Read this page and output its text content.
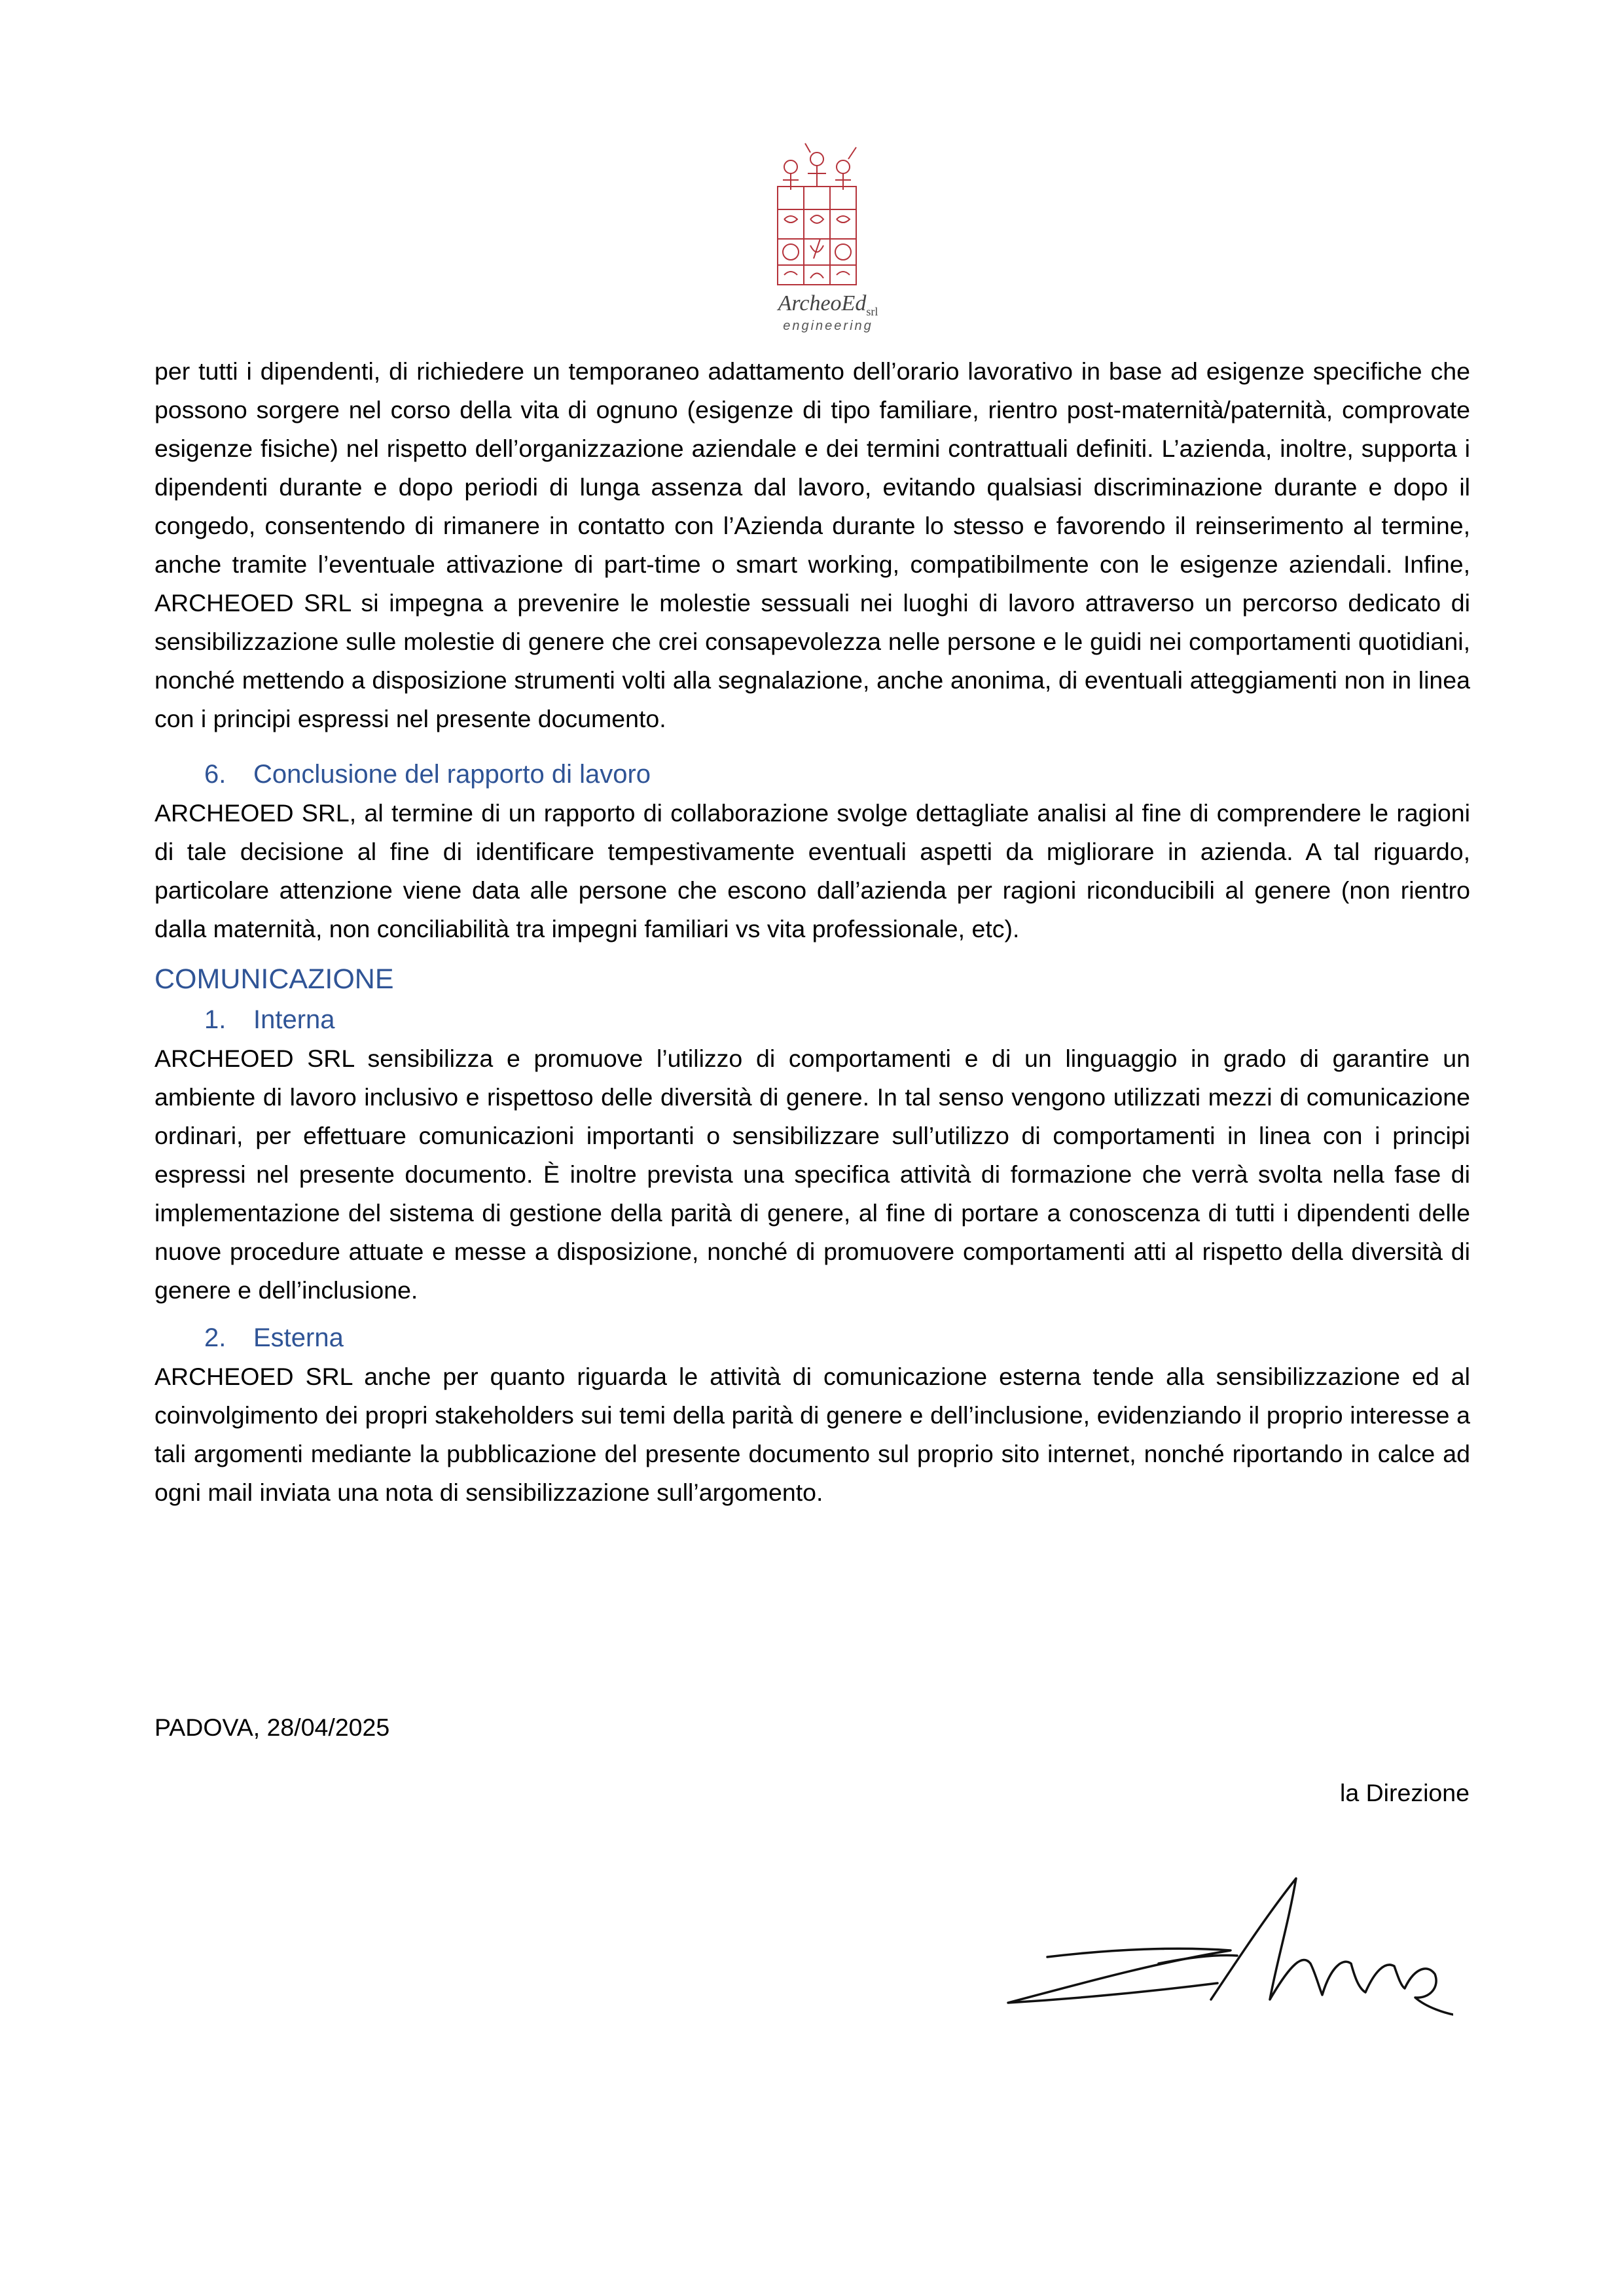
ArcheoEd$_{srl}$
engineering

per tutti i dipendenti, di richiedere un temporaneo adattamento dell’orario lavorativo in base ad esigenze specifiche che possono sorgere nel corso della vita di ognuno (esigenze di tipo familiare, rientro post-maternità/paternità, comprovate esigenze fisiche) nel rispetto dell’organizzazione aziendale e dei termini contrattuali definiti. L’azienda, inoltre, supporta i dipendenti durante e dopo periodi di lunga assenza dal lavoro, evitando qualsiasi discriminazione durante e dopo il congedo, consentendo di rimanere in contatto con l’Azienda durante lo stesso e favorendo il reinserimento al termine, anche tramite l’eventuale attivazione di part-time o smart working, compatibilmente con le esigenze aziendali. Infine, ARCHEOED SRL si impegna a prevenire le molestie sessuali nei luoghi di lavoro attraverso un percorso dedicato di sensibilizzazione sulle molestie di genere che crei consapevolezza nelle persone e le guidi nei comportamenti quotidiani, nonché mettendo a disposizione strumenti volti alla segnalazione, anche anonima, di eventuali atteggiamenti non in linea con i principi espressi nel presente documento.

6. Conclusione del rapporto di lavoro

ARCHEOED SRL, al termine di un rapporto di collaborazione svolge dettagliate analisi al fine di comprendere le ragioni di tale decisione al fine di identificare tempestivamente eventuali aspetti da migliorare in azienda. A tal riguardo, particolare attenzione viene data alle persone che escono dall’azienda per ragioni riconducibili al genere (non rientro dalla maternità, non conciliabilità tra impegni familiari vs vita professionale, etc).

COMUNICAZIONE
1. Interna

ARCHEOED SRL sensibilizza e promuove l’utilizzo di comportamenti e di un linguaggio in grado di garantire un ambiente di lavoro inclusivo e rispettoso delle diversità di genere. In tal senso vengono utilizzati mezzi di comunicazione ordinari, per effettuare comunicazioni importanti o sensibilizzare sull’utilizzo di comportamenti in linea con i principi espressi nel presente documento. È inoltre prevista una specifica attività di formazione che verrà svolta nella fase di implementazione del sistema di gestione della parità di genere, al fine di portare a conoscenza di tutti i dipendenti delle nuove procedure attuate e messe a disposizione, nonché di promuovere comportamenti atti al rispetto della diversità di genere e dell’inclusione.

2. Esterna

ARCHEOED SRL anche per quanto riguarda le attività di comunicazione esterna tende alla sensibilizzazione ed al coinvolgimento dei propri stakeholders sui temi della parità di genere e dell’inclusione, evidenziando il proprio interesse a tali argomenti mediante la pubblicazione del presente documento sul proprio sito internet, nonché riportando in calce ad ogni mail inviata una nota di sensibilizzazione sull’argomento.

PADOVA, 28/04/2025

la Direzione
